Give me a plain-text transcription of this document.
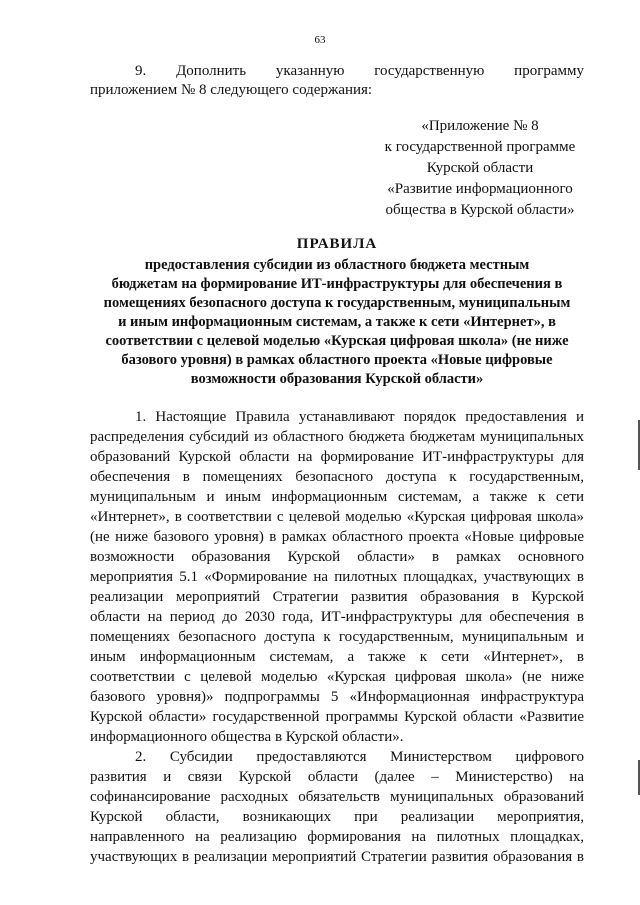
63
9. Дополнить указанную государственную программу
приложением № 8 следующего содержания:
«Приложение № 8
к государственной программе
Курской области
«Развитие информационного
общества в Курской области»
ПРАВИЛА
предоставления субсидии из областного бюджета местным
бюджетам на формирование ИТ-инфраструктуры для обеспечения в
помещениях безопасного доступа к государственным, муниципальным
и иным информационным системам, а также к сети «Интернет», в
соответствии с целевой моделью «Курская цифровая школа» (не ниже
базового уровня) в рамках областного проекта «Новые цифровые
возможности образования Курской области»
1. Настоящие Правила устанавливают порядок предоставления и
распределения субсидий из областного бюджета бюджетам муниципальных
образований Курской области на формирование ИТ-инфраструктуры для
обеспечения в помещениях безопасного доступа к государственным,
муниципальным и иным информационным системам, а также к сети
«Интернет», в соответствии с целевой моделью «Курская цифровая школа»
(не ниже базового уровня) в рамках областного проекта «Новые цифровые
возможности образования Курской области» в рамках основного
мероприятия 5.1 «Формирование на пилотных площадках, участвующих в
реализации мероприятий Стратегии развития образования в Курской
области на период до 2030 года, ИТ-инфраструктуры для обеспечения в
помещениях безопасного доступа к государственным, муниципальным и
иным информационным системам, а также к сети «Интернет», в
соответствии с целевой моделью «Курская цифровая школа» (не ниже
базового уровня)» подпрограммы 5 «Информационная инфраструктура
Курской области» государственной программы Курской области «Развитие
информационного общества в Курской области».
2. Субсидии предоставляются Министерством цифрового
развития и связи Курской области (далее – Министерство) на
софинансирование расходных обязательств муниципальных образований
Курской области, возникающих при реализации мероприятия,
направленного на реализацию формирования на пилотных площадках,
участвующих в реализации мероприятий Стратегии развития образования в
